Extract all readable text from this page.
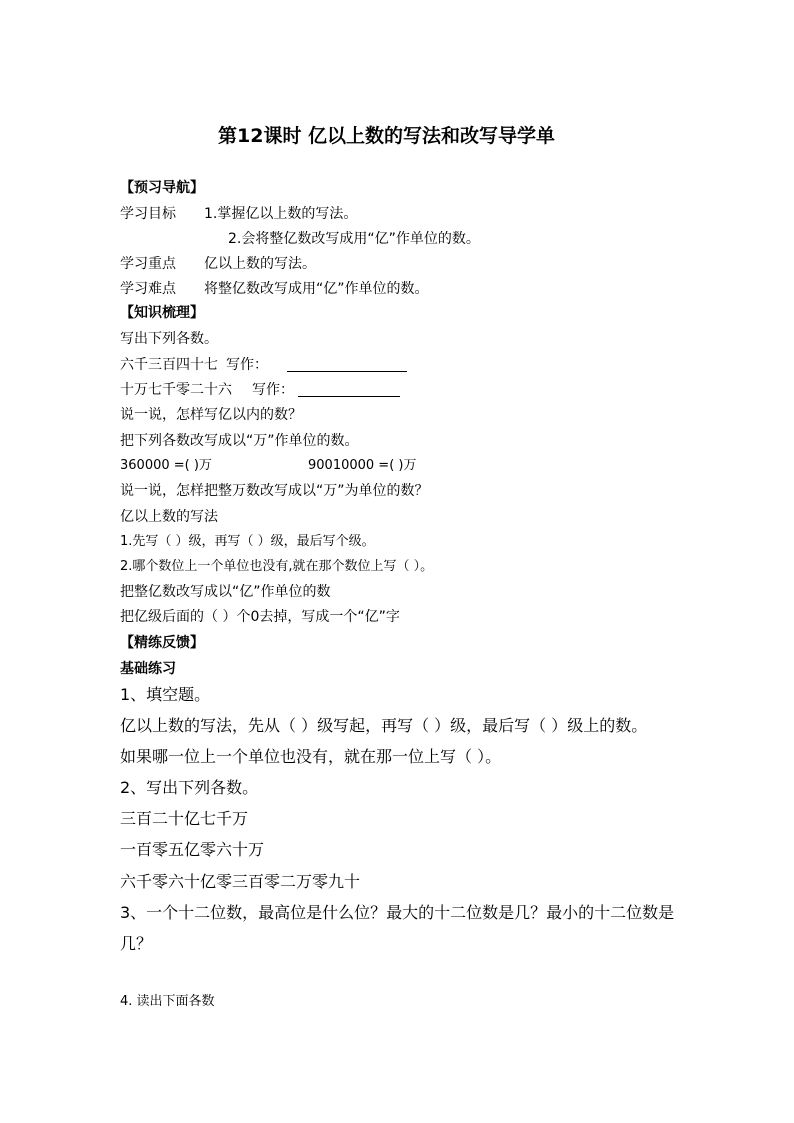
第12课时 亿以上数的写法和改写导学单
【预习导航】
学习目标 1.掌握亿以上数的写法。
2.会将整亿数改写成用“亿”作单位的数。
学习重点 亿以上数的写法。
学习难点 将整亿数改写成用“亿”作单位的数。
【知识梳理】
写出下列各数。
六千三百四十七 写作：
十万七千零二十六 写作：
说一说，怎样写亿以内的数？
把下列各数改写成以“万”作单位的数。
360000 =( )万	90010000 =( )万
说一说，怎样把整万数改写成以“万”为单位的数？
亿以上数的写法
1.先写（ ）级，再写（ ）级，最后写个级。
2.哪个数位上一个单位也没有,就在那个数位上写（ ）。
把整亿数改写成以“亿”作单位的数
把亿级后面的（ ）个0去掉，写成一个“亿”字
【精练反馈】
基础练习
1、填空题。
亿以上数的写法，先从（ ）级写起，再写（ ）级，最后写（ ）级上的数。
如果哪一位上一个单位也没有，就在那一位上写（ ）。
2、写出下列各数。
三百二十亿七千万
一百零五亿零六十万
六千零六十亿零三百零二万零九十
3、一个十二位数，最高位是什么位？最大的十二位数是几？最小的十二位数是
几？
4. 读出下面各数
